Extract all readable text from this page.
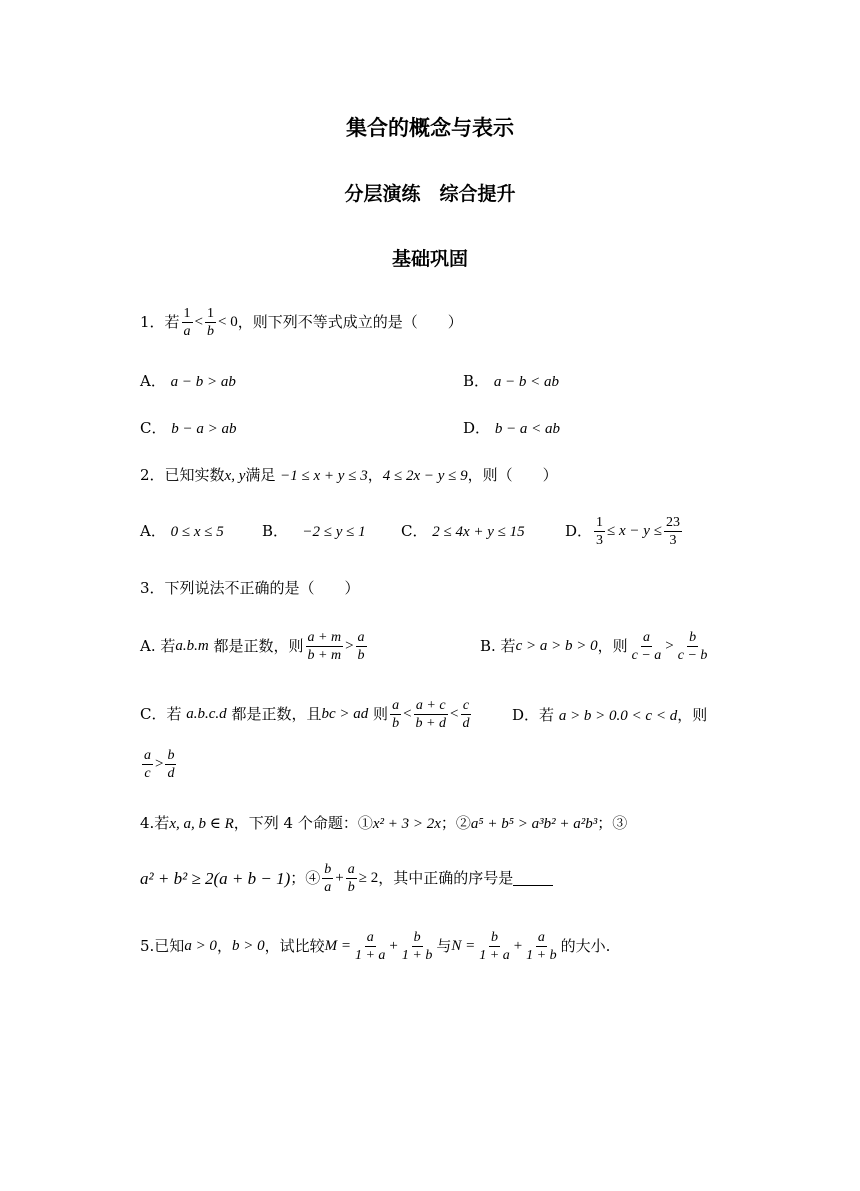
集合的概念与表示
分层演练　综合提升
基础巩固
1．若 $\frac{1}{a} < \frac{1}{b} < 0$ ，则下列不等式成立的是（　　）
A． a − b > ab	B． a − b < ab
C． b − a > ab	D． b − a < ab
2．已知实数x, y满足 −1 ≤ x + y ≤ 3，4 ≤ 2x − y ≤ 9，则（　　）
A． 0 ≤ x ≤ 5	B． −2 ≤ y ≤ 1 C． 2 ≤ 4x + y ≤ 15	D． $\frac{1}{3} \le x - y \le \frac{23}{3}$
3．下列说法不正确的是（　　）
A. 若 a.b.m
都是正数，则 $\frac{a + m}{b + m} > \frac{a}{b}$	B. 若 c > a > b > 0 ，则 $\frac{a}{c - a} > \frac{b}{c - b}$
C．若
a.b.c.d
都是正数，且 bc > ad
则 $\frac{a}{b} < \frac{a + c}{b + d} < \frac{c}{d}$	D．若 a > b > 0.0 < c < d，则
$\frac{a}{c} > \frac{b}{d}$
4.若x, a, b ∈ R，下列 4 个命题：①x² + 3 > 2x；②a⁵ + b⁵ > a³b² + a²b³；③
a² + b² ≥ 2(a + b − 1) ；④ $\frac{b}{a} + \frac{a}{b} \ge 2$ ，其中正确的序号是
5.已知 a > 0 ， b > 0 ，试比较 $M = \frac{a}{1 + a} + \frac{b}{1 + b}$ 与 $N = \frac{b}{1 + a} + \frac{a}{1 + b}$ 的大小.
